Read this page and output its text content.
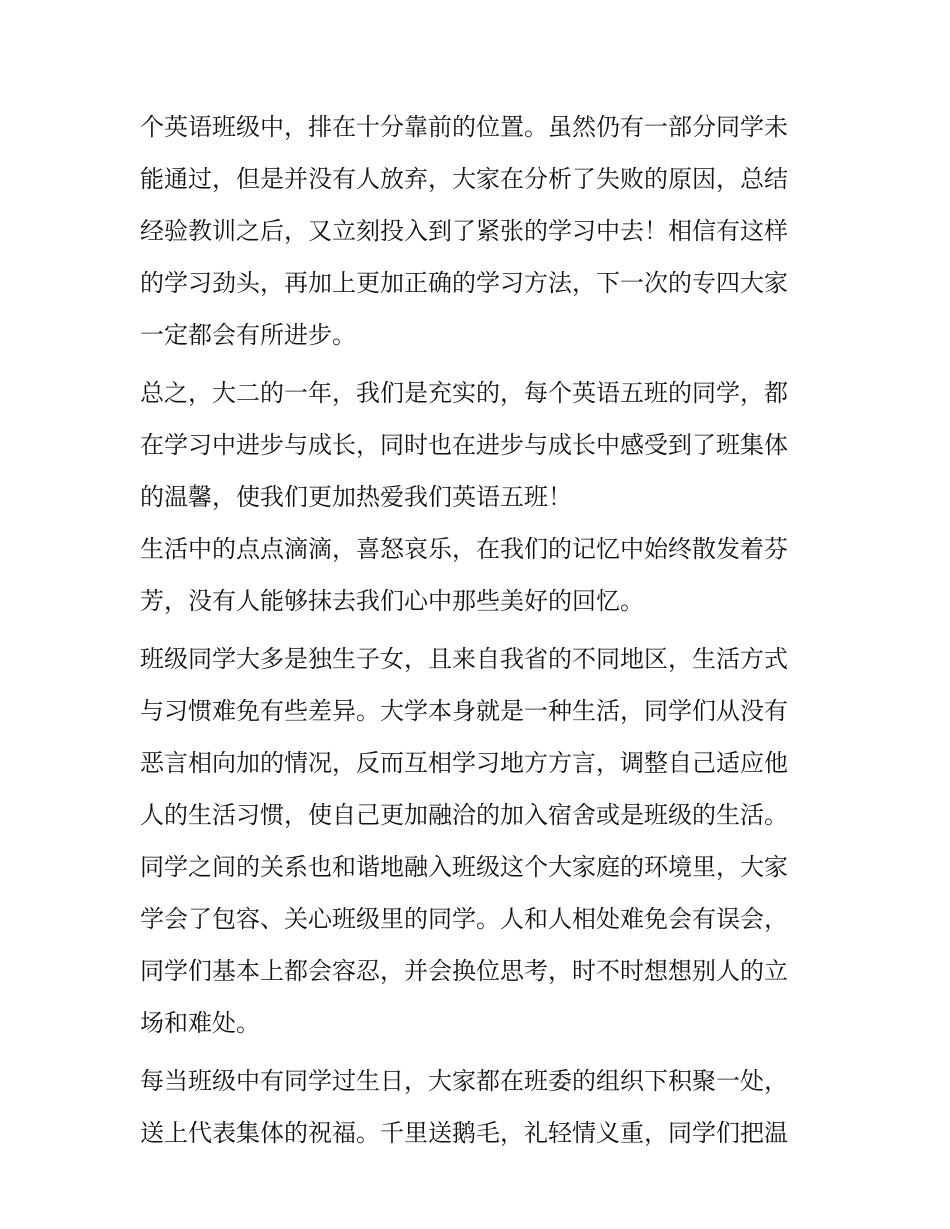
个英语班级中，排在十分靠前的位置。虽然仍有一部分同学未
能通过，但是并没有人放弃，大家在分析了失败的原因，总结
经验教训之后，又立刻投入到了紧张的学习中去！相信有这样
的学习劲头，再加上更加正确的学习方法，下一次的专四大家
一定都会有所进步。
总之，大二的一年，我们是充实的，每个英语五班的同学，都
在学习中进步与成长，同时也在进步与成长中感受到了班集体
的温馨，使我们更加热爱我们英语五班！
生活中的点点滴滴，喜怒哀乐，在我们的记忆中始终散发着芬
芳，没有人能够抹去我们心中那些美好的回忆。
班级同学大多是独生子女，且来自我省的不同地区，生活方式
与习惯难免有些差异。大学本身就是一种生活，同学们从没有
恶言相向加的情况，反而互相学习地方方言，调整自己适应他
人的生活习惯，使自己更加融洽的加入宿舍或是班级的生活。
同学之间的关系也和谐地融入班级这个大家庭的环境里，大家
学会了包容、关心班级里的同学。人和人相处难免会有误会，
同学们基本上都会容忍，并会换位思考，时不时想想别人的立
场和难处。
每当班级中有同学过生日，大家都在班委的组织下积聚一处，
送上代表集体的祝福。千里送鹅毛，礼轻情义重，同学们把温
